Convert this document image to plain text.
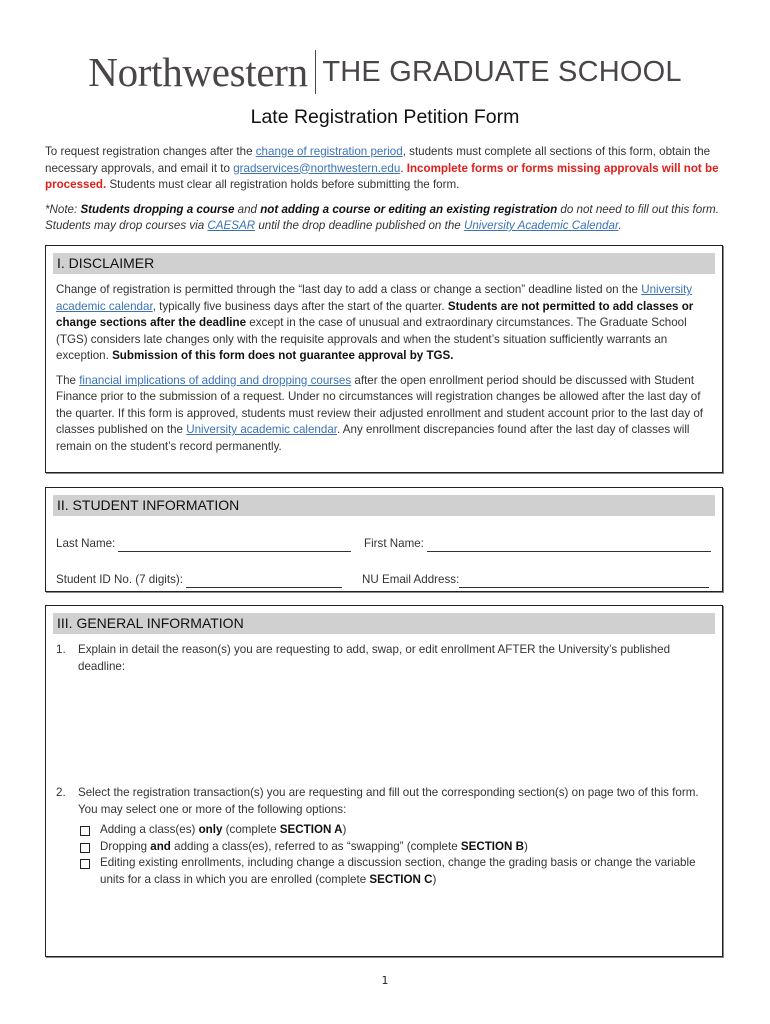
Northwestern THE GRADUATE SCHOOL
Late Registration Petition Form

To request registration changes after the change of registration period, students must complete all sections of this form, obtain the necessary approvals, and email it to gradservices@northwestern.edu. Incomplete forms or forms missing approvals will not be processed. Students must clear all registration holds before submitting the form.

*Note: Students dropping a course and not adding a course or editing an existing registration do not need to fill out this form. Students may drop courses via CAESAR until the drop deadline published on the University Academic Calendar.

I. DISCLAIMER

Change of registration is permitted through the “last day to add a class or change a section” deadline listed on the University academic calendar, typically five business days after the start of the quarter. Students are not permitted to add classes or change sections after the deadline except in the case of unusual and extraordinary circumstances. The Graduate School (TGS) considers late changes only with the requisite approvals and when the student’s situation sufficiently warrants an exception. Submission of this form does not guarantee approval by TGS.

The financial implications of adding and dropping courses after the open enrollment period should be discussed with Student Finance prior to the submission of a request. Under no circumstances will registration changes be allowed after the last day of the quarter. If this form is approved, students must review their adjusted enrollment and student account prior to the last day of classes published on the University academic calendar. Any enrollment discrepancies found after the last day of classes will remain on the student’s record permanently.

II. STUDENT INFORMATION
Last Name:	First Name:
Student ID No. (7 digits):	NU Email Address:
III. GENERAL INFORMATION
1.	Explain in detail the reason(s) you are requesting to add, swap, or edit enrollment AFTER the University’s published deadline:
2.	Select the registration transaction(s) you are requesting and fill out the corresponding section(s) on page two of this form. You may select one or more of the following options:
Adding a class(es) only (complete SECTION A)
Dropping and adding a class(es), referred to as “swapping” (complete SECTION B)
Editing existing enrollments, including change a discussion section, change the grading basis or change the variable units for a class in which you are enrolled (complete SECTION C)
1
